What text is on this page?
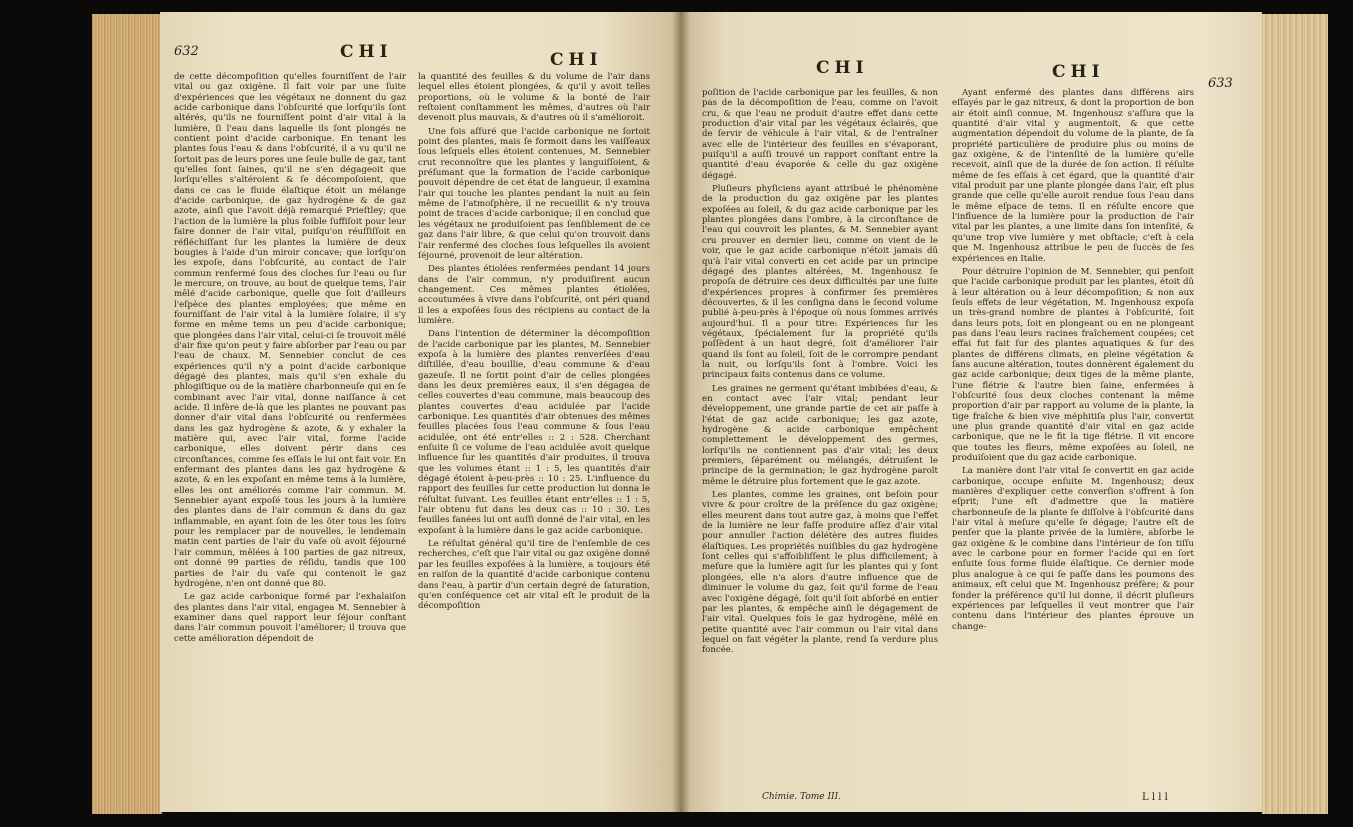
632	CHI	CHI

de cette décompoſition qu'elles fourniſſent de l'air vital ou gaz oxigène. Il fait voir par une ſuite d'expériences que les végétaux ne donnent du gaz acide carbonique dans l'obſcurité que lorſqu'ils ſont altérés, qu'ils ne fourniſſent point d'air vital à la lumière, ſi l'eau dans laquelle ils ſont plongés ne contient point d'acide carbonique. En tenant les plantes ſous l'eau & dans l'obſcurité, il a vu qu'il ne ſortoit pas de leurs pores une ſeule bulle de gaz, tant qu'elles ſont ſaines, qu'il ne s'en dégageoit que lorſqu'elles s'altéroient & ſe décompoſoient, que dans ce cas le fluide élaſtique étoit un mélange d'acide carbonique, de gaz hydrogène & de gaz azote, ainſi que l'avoit déjà remarqué Prieſtley; que l'action de la lumière la plus foible ſuffiſoit pour leur faire donner de l'air vital, puiſqu'on réuſſiſſoit en réfléchiſſant ſur les plantes la lumière de deux bougies à l'aide d'un miroir concave; que lorſqu'on les expoſe, dans l'obſcurité, au contact de l'air commun renfermé ſous des cloches ſur l'eau ou ſur le mercure, on trouve, au bout de quelque tems, l'air mêlé d'acide carbonique, quelle que ſoit d'ailleurs l'eſpèce des plantes employées; que même en fourniſſant de l'air vital à la lumière ſolaire, il s'y forme en même tems un peu d'acide carbonique; que plongées dans l'air vital, celui-ci ſe trouvoit mêlé d'air fixe qu'on peut y faire abſorber par l'eau ou par l'eau de chaux. M. Sennebier conclut de ces expériences qu'il n'y a point d'acide carbonique dégagé des plantes, mais qu'il s'en exhale du phlogiſtique ou de la matière charbonneuſe qui en ſe combinant avec l'air vital, donne naiſſance à cet acide. Il infère de-là que les plantes ne pouvant pas donner d'air vital dans l'obſcurité ou renfermées dans les gaz hydrogène & azote, & y exhaler la matière qui, avec l'air vital, forme l'acide carbonique, elles doivent périr dans ces circonſtances, comme ſes eſſais le lui ont fait voir. En enfermant des plantes dans les gaz hydrogène & azote, & en les expoſant en même tems à la lumière, elles les ont améliorés comme l'air commun. M. Sennebier ayant expoſé tous les jours à la lumière des plantes dans de l'air commun & dans du gaz inflammable, en ayant ſoin de les ôter tous les ſoirs pour les remplacer par de nouvelles, le lendemain matin cent parties de l'air du vaſe où avoit ſéjourné l'air commun, mêlées à 100 parties de gaz nitreux, ont donné 99 parties de réſidu, tandis que 100 parties de l'air du vaſe qui contenoit le gaz hydrogène, n'en ont donné que 80.

Le gaz acide carbonique formé par l'exhalaiſon des plantes dans l'air vital, engagea M. Sennebier à examiner dans quel rapport leur ſéjour conſtant dans l'air commun pouvoit l'améliorer; il trouva que cette amélioration dépendoit de

la quantité des feuilles & du volume de l'air dans lequel elles étoient plongées, & qu'il y avoit telles proportions, où le volume & la bonté de l'air reſtoient conſtamment les mêmes, d'autres où l'air devenoit plus mauvais, & d'autres où il s'amélioroit.

Une fois aſſuré que l'acide carbonique ne ſortoit point des plantes, mais ſe formoit dans les vaiſſeaux ſous leſquels elles étoient contenues, M. Sennebier crut reconnoître que les plantes y languiſſoient, & préſumant que la formation de l'acide carbonique pouvoit dépendre de cet état de langueur, il examina l'air qui touche les plantes pendant la nuit au ſein même de l'atmoſphère, il ne recueillit & n'y trouva point de traces d'acide carbonique; il en conclud que les végétaux ne produiſoient pas ſenſiblement de ce gaz dans l'air libre, & que celui qu'on trouvoit dans l'air renfermé des cloches ſous leſquelles ils avoient ſéjourné, provenoit de leur altération.

Des plantes étiolées renfermées pendant 14 jours dans de l'air commun, n'y produiſirent aucun changement. Ces mêmes plantes étiolées, accoutumées à vivre dans l'obſcurité, ont péri quand il les a expoſées ſous des récipiens au contact de la lumière.

Dans l'intention de déterminer la décompoſition de l'acide carbonique par les plantes, M. Sennebier expoſa à la lumière des plantes renverſées d'eau diſtillée, d'eau bouillie, d'eau commune & d'eau gazeuſe. Il ne ſortit point d'air de celles plongées dans les deux premières eaux, il s'en dégagea de celles couvertes d'eau commune, mais beaucoup des plantes couvertes d'eau acidulée par l'acide carbonique. Les quantités d'air obtenues des mêmes feuilles placées ſous l'eau commune & ſous l'eau acidulée, ont été entr'elles :: 2 : 528. Cherchant enſuite ſi ce volume de l'eau acidulée avoit quelque influence ſur les quantités d'air produites, il trouva que les volumes étant :: 1 : 5, les quantités d'air dégagé étoient à-peu-près :: 10 : 25. L'influence du rapport des feuilles ſur cette production lui donna le réſultat ſuivant. Les feuilles étant entr'elles :: 1 : 5, l'air obtenu fut dans les deux cas :: 10 : 30. Les feuilles fanées lui ont auſſi donné de l'air vital, en les expoſant à la lumière dans le gaz acide carbonique.

Le réſultat général qu'il tire de l'enſemble de ces recherches, c'eſt que l'air vital ou gaz oxigène donné par les feuilles expoſées à la lumière, a toujours été en raiſon de la quantité d'acide carbonique contenu dans l'eau, à partir d'un certain degré de ſaturation, qu'en conſéquence cet air vital eſt le produit de la décompoſition

CHI	CHI
633

poſition de l'acide carbonique par les feuilles, & non pas de la décompoſition de l'eau, comme on l'avoit cru, & que l'eau ne produit d'autre effet dans cette production d'air vital par les végétaux éclairés, que de ſervir de véhicule à l'air vital, & de l'entraîner avec elle de l'intérieur des feuilles en s'évaporant, puiſqu'il a auſſi trouvé un rapport conſtant entre la quantité d'eau évaporée & celle du gaz oxigène dégagé.

Pluſieurs phyſiciens ayant attribué le phénomène de la production du gaz oxigène par les plantes expoſées au ſoleil, & du gaz acide carbonique par les plantes plongées dans l'ombre, à la circonſtance de l'eau qui couvroit les plantes, & M. Sennebier ayant cru prouver en dernier lieu, comme on vient de le voir, que le gaz acide carbonique n'étoit jamais dû qu'à l'air vital converti en cet acide par un principe dégagé des plantes altérées, M. Ingenhousz ſe propoſa de détruire ces deux difficultés par une ſuite d'expériences propres à confirmer ſes premières découvertes, & il les conſigna dans le ſecond volume publié à-peu-près à l'époque où nous ſommes arrivés aujourd'hui. Il a pour titre: Expériences ſur les végétaux, ſpécialement ſur la propriété qu'ils poſſèdent à un haut degré, ſoit d'améliorer l'air quand ils ſont au ſoleil, ſoit de le corrompre pendant la nuit, ou lorſqu'ils ſont à l'ombre. Voici les principaux faits contenus dans ce volume.

Les graines ne germent qu'étant imbibées d'eau, & en contact avec l'air vital; pendant leur développement, une grande partie de cet air paſſe à l'état de gaz acide carbonique; les gaz azote, hydrogène & acide carbonique empêchent complettement le développement des germes, lorſqu'ils ne contiennent pas d'air vital; les deux premiers, ſéparément ou mélangés, détruiſent le principe de la germination; le gaz hydrogène paroît même le détruire plus fortement que le gaz azote.

Les plantes, comme les graines, ont beſoin pour vivre & pour croître de la préſence du gaz oxigène; elles meurent dans tout autre gaz, à moins que l'effet de la lumière ne leur faſſe produire aſſez d'air vital pour annuller l'action délétère des autres fluides élaſtiques. Les propriétés nuiſibles du gaz hydrogène ſont celles qui s'affoibliſſent le plus difficilement; à meſure que la lumière agit ſur les plantes qui y ſont plongées, elle n'a alors d'autre influence que de diminuer le volume du gaz, ſoit qu'il forme de l'eau avec l'oxigène dégagé, ſoit qu'il ſoit abſorbé en entier par les plantes, & empêche ainſi le dégagement de l'air vital. Quelques fois le gaz hydrogène, mêlé en petite quantité avec l'air commun ou l'air vital dans lequel on fait végéter la plante, rend ſa verdure plus foncée.

Ayant enfermé des plantes dans différens airs eſſayés par le gaz nitreux, & dont la proportion de bon air étoit ainſi connue, M. Ingenhousz s'aſſura que la quantité d'air vital y augmentoit, & que cette augmentation dépendoit du volume de la plante, de ſa propriété particulière de produire plus ou moins de gaz oxigène, & de l'intenſité de la lumière qu'elle recevoit, ainſi que de la durée de ſon action. Il réſulte même de ſes eſſais à cet égard, que la quantité d'air vital produit par une plante plongée dans l'air, eſt plus grande que celle qu'elle auroit rendue ſous l'eau dans le même eſpace de tems. Il en réſulte encore que l'influence de la lumière pour la production de l'air vital par les plantes, a une limite dans ſon intenſité, & qu'une trop vive lumière y met obſtacle; c'eſt à cela que M. Ingenhousz attribue le peu de ſuccès de ſes expériences en Italie.

Pour détruire l'opinion de M. Sennebier, qui penſoit que l'acide carbonique produit par les plantes, étoit dû à leur altération ou à leur décompoſition; & non aux ſeuls effets de leur végétation, M. Ingenhousz expoſa un très-grand nombre de plantes à l'obſcurité, ſoit dans leurs pots, ſoit en plongeant ou en ne plongeant pas dans l'eau leurs racines fraîchement coupées; cet effai fut fait ſur des plantes aquatiques & ſur des plantes de différens climats, en pleine végétation & ſans aucune altération, toutes donnèrent également du gaz acide carbonique; deux tiges de la même plante, l'une flétrie & l'autre bien ſaine, enfermées à l'obſcurité ſous deux cloches contenant la même proportion d'air par rapport au volume de la plante, la tige fraîche & bien vive méphitiſa plus l'air, convertit une plus grande quantité d'air vital en gaz acide carbonique, que ne le fit la tige flétrie. Il vit encore que toutes les fleurs, même expoſées au ſoleil, ne produiſoient que du gaz acide carbonique.

La manière dont l'air vital ſe convertit en gaz acide carbonique, occupe enſuite M. Ingenhousz; deux manières d'expliquer cette converſion s'offrent à ſon eſprit; l'une eſt d'admettre que la matière charbonneuſe de la plante ſe diſſolve à l'obſcurité dans l'air vital à meſure qu'elle ſe dégage; l'autre eſt de penſer que la plante privée de la lumière, abſorbe le gaz oxigène & le combine dans l'intérieur de ſon tiſſu avec le carbone pour en former l'acide qui en ſort enſuite ſous forme fluide élaſtique. Ce dernier mode plus analogue à ce qui ſe paſſe dans les poumons des animaux, eſt celui que M. Ingenhousz préfère; & pour fonder la préférence qu'il lui donne, il décrit pluſieurs expériences par leſquelles il veut montrer que l'air contenu dans l'intérieur des plantes éprouve un change-

Chimie. Tome III.	L l l l
